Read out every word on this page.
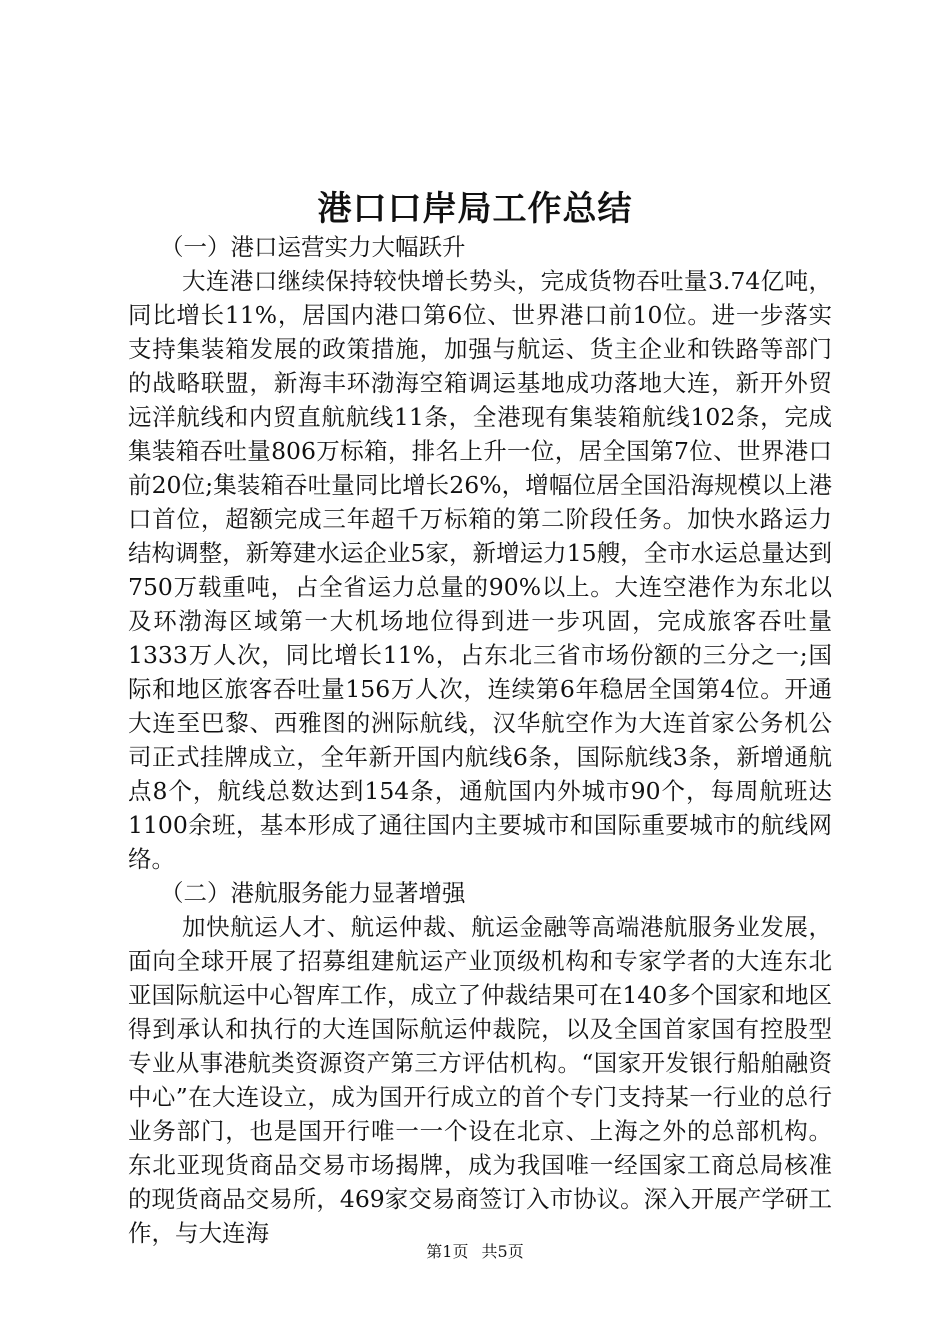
港口口岸局工作总结

（一）港口运营实力大幅跃升

大连港口继续保持较快增长势头，完成货物吞吐量3.74亿吨，同比增长11%，居国内港口第6位、世界港口前10位。进一步落实支持集装箱发展的政策措施，加强与航运、货主企业和铁路等部门的战略联盟，新海丰环渤海空箱调运基地成功落地大连，新开外贸远洋航线和内贸直航航线11条，全港现有集装箱航线102条，完成集装箱吞吐量806万标箱，排名上升一位，居全国第7位、世界港口前20位;集装箱吞吐量同比增长26%，增幅位居全国沿海规模以上港口首位，超额完成三年超千万标箱的第二阶段任务。加快水路运力结构调整，新筹建水运企业5家，新增运力15艘，全市水运总量达到750万载重吨，占全省运力总量的90%以上。大连空港作为东北以及环渤海区域第一大机场地位得到进一步巩固，完成旅客吞吐量1333万人次，同比增长11%，占东北三省市场份额的三分之一;国际和地区旅客吞吐量156万人次，连续第6年稳居全国第4位。开通大连至巴黎、西雅图的洲际航线，汉华航空作为大连首家公务机公司正式挂牌成立，全年新开国内航线6条，国际航线3条，新增通航点8个，航线总数达到154条，通航国内外城市90个，每周航班达1100余班，基本形成了通往国内主要城市和国际重要城市的航线网络。

（二）港航服务能力显著增强

加快航运人才、航运仲裁、航运金融等高端港航服务业发展，面向全球开展了招募组建航运产业顶级机构和专家学者的大连东北亚国际航运中心智库工作，成立了仲裁结果可在140多个国家和地区得到承认和执行的大连国际航运仲裁院，以及全国首家国有控股型专业从事港航类资源资产第三方评估机构。“国家开发银行船舶融资中心”在大连设立，成为国开行成立的首个专门支持某一行业的总行业务部门，也是国开行唯一一个设在北京、上海之外的总部机构。东北亚现货商品交易市场揭牌，成为我国唯一经国家工商总局核准的现货商品交易所，469家交易商签订入市协议。深入开展产学研工作，与大连海

第1页 共5页
